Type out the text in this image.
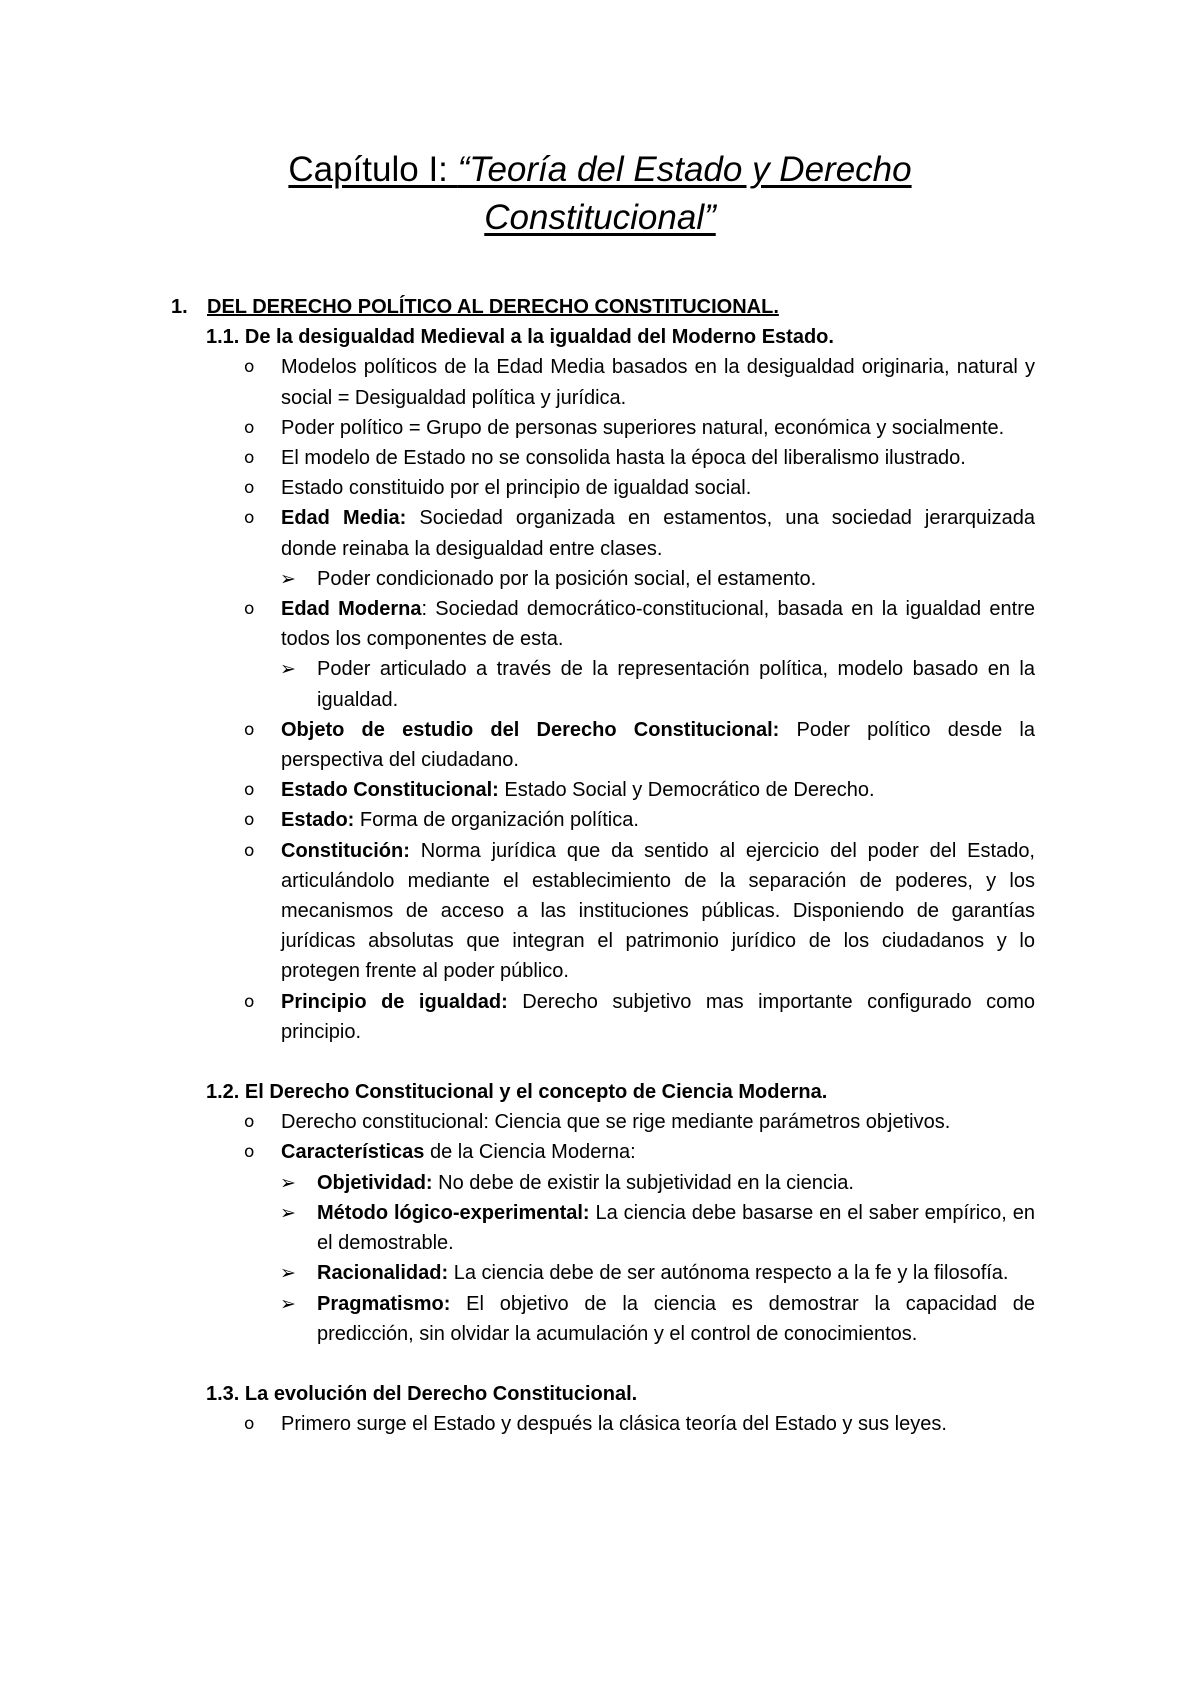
Capítulo I: “Teoría del Estado y Derecho
Constitucional”
1. DEL DERECHO POLÍTICO AL DERECHO CONSTITUCIONAL.
1.1. De la desigualdad Medieval a la igualdad del Moderno Estado.
o Modelos políticos de la Edad Media basados en la desigualdad originaria, natural y social = Desigualdad política y jurídica.
o Poder político = Grupo de personas superiores natural, económica y socialmente.
o El modelo de Estado no se consolida hasta la época del liberalismo ilustrado.
o Estado constituido por el principio de igualdad social.
o Edad Media: Sociedad organizada en estamentos, una sociedad jerarquizada donde reinaba la desigualdad entre clases.
➢ Poder condicionado por la posición social, el estamento.
o Edad Moderna: Sociedad democrático-constitucional, basada en la igualdad entre todos los componentes de esta.
➢ Poder articulado a través de la representación política, modelo basado en la igualdad.
o Objeto de estudio del Derecho Constitucional: Poder político desde la perspectiva del ciudadano.
o Estado Constitucional: Estado Social y Democrático de Derecho.
o Estado: Forma de organización política.
o Constitución: Norma jurídica que da sentido al ejercicio del poder del Estado, articulándolo mediante el establecimiento de la separación de poderes, y los mecanismos de acceso a las instituciones públicas. Disponiendo de garantías jurídicas absolutas que integran el patrimonio jurídico de los ciudadanos y lo protegen frente al poder público.
o Principio de igualdad: Derecho subjetivo mas importante configurado como principio.
1.2. El Derecho Constitucional y el concepto de Ciencia Moderna.
o Derecho constitucional: Ciencia que se rige mediante parámetros objetivos.
o Características de la Ciencia Moderna:
➢ Objetividad: No debe de existir la subjetividad en la ciencia.
➢ Método lógico-experimental: La ciencia debe basarse en el saber empírico, en el demostrable.
➢ Racionalidad: La ciencia debe de ser autónoma respecto a la fe y la filosofía.
➢ Pragmatismo: El objetivo de la ciencia es demostrar la capacidad de predicción, sin olvidar la acumulación y el control de conocimientos.
1.3. La evolución del Derecho Constitucional.
o Primero surge el Estado y después la clásica teoría del Estado y sus leyes.
